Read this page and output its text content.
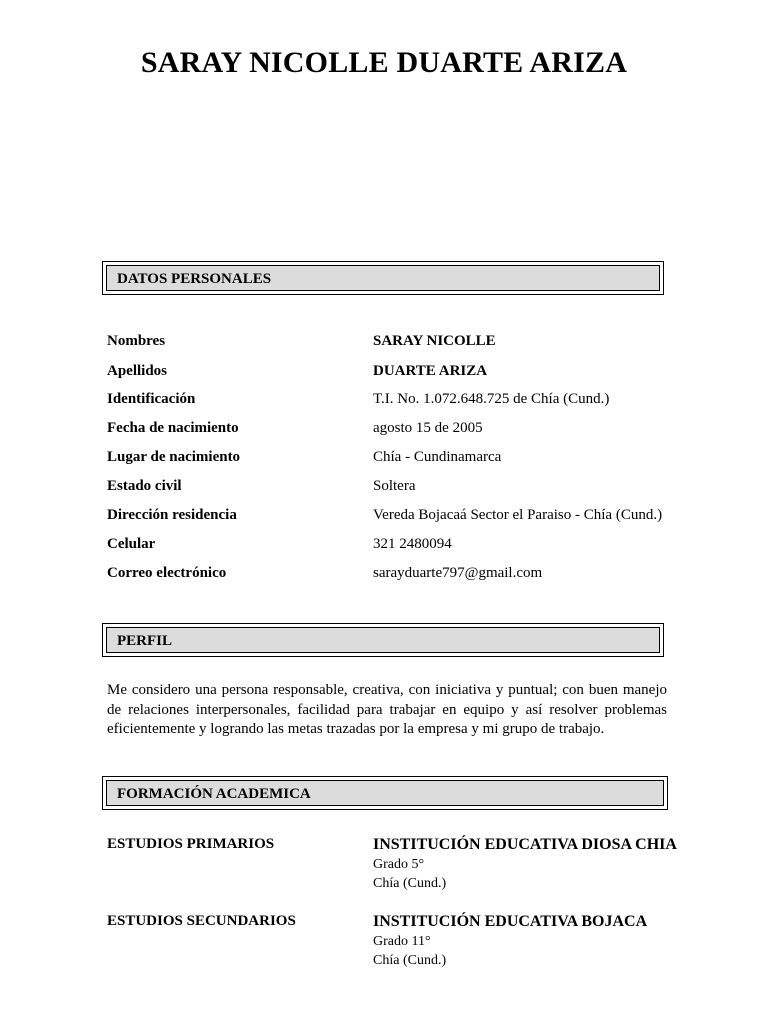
SARAY NICOLLE DUARTE ARIZA
DATOS PERSONALES
Nombres	SARAY NICOLLE
Apellidos	DUARTE ARIZA
Identificación	T.I. No. 1.072.648.725 de Chía (Cund.)
Fecha de nacimiento	agosto 15 de 2005
Lugar de nacimiento	Chía - Cundinamarca
Estado civil	Soltera
Dirección residencia	Vereda Bojacaá Sector el Paraiso - Chía (Cund.)
Celular	321 2480094
Correo electrónico	sarayduarte797@gmail.com
PERFIL
Me considero una persona responsable, creativa, con iniciativa y puntual; con buen manejo de relaciones interpersonales, facilidad para trabajar en equipo y así resolver problemas eficientemente y logrando las metas trazadas por la empresa y mi grupo de trabajo.
FORMACIÓN ACADEMICA
ESTUDIOS PRIMARIOS	INSTITUCIÓN EDUCATIVA DIOSA CHIA
Grado 5°
Chía (Cund.)
ESTUDIOS SECUNDARIOS	INSTITUCIÓN EDUCATIVA BOJACA
Grado 11°
Chía (Cund.)
